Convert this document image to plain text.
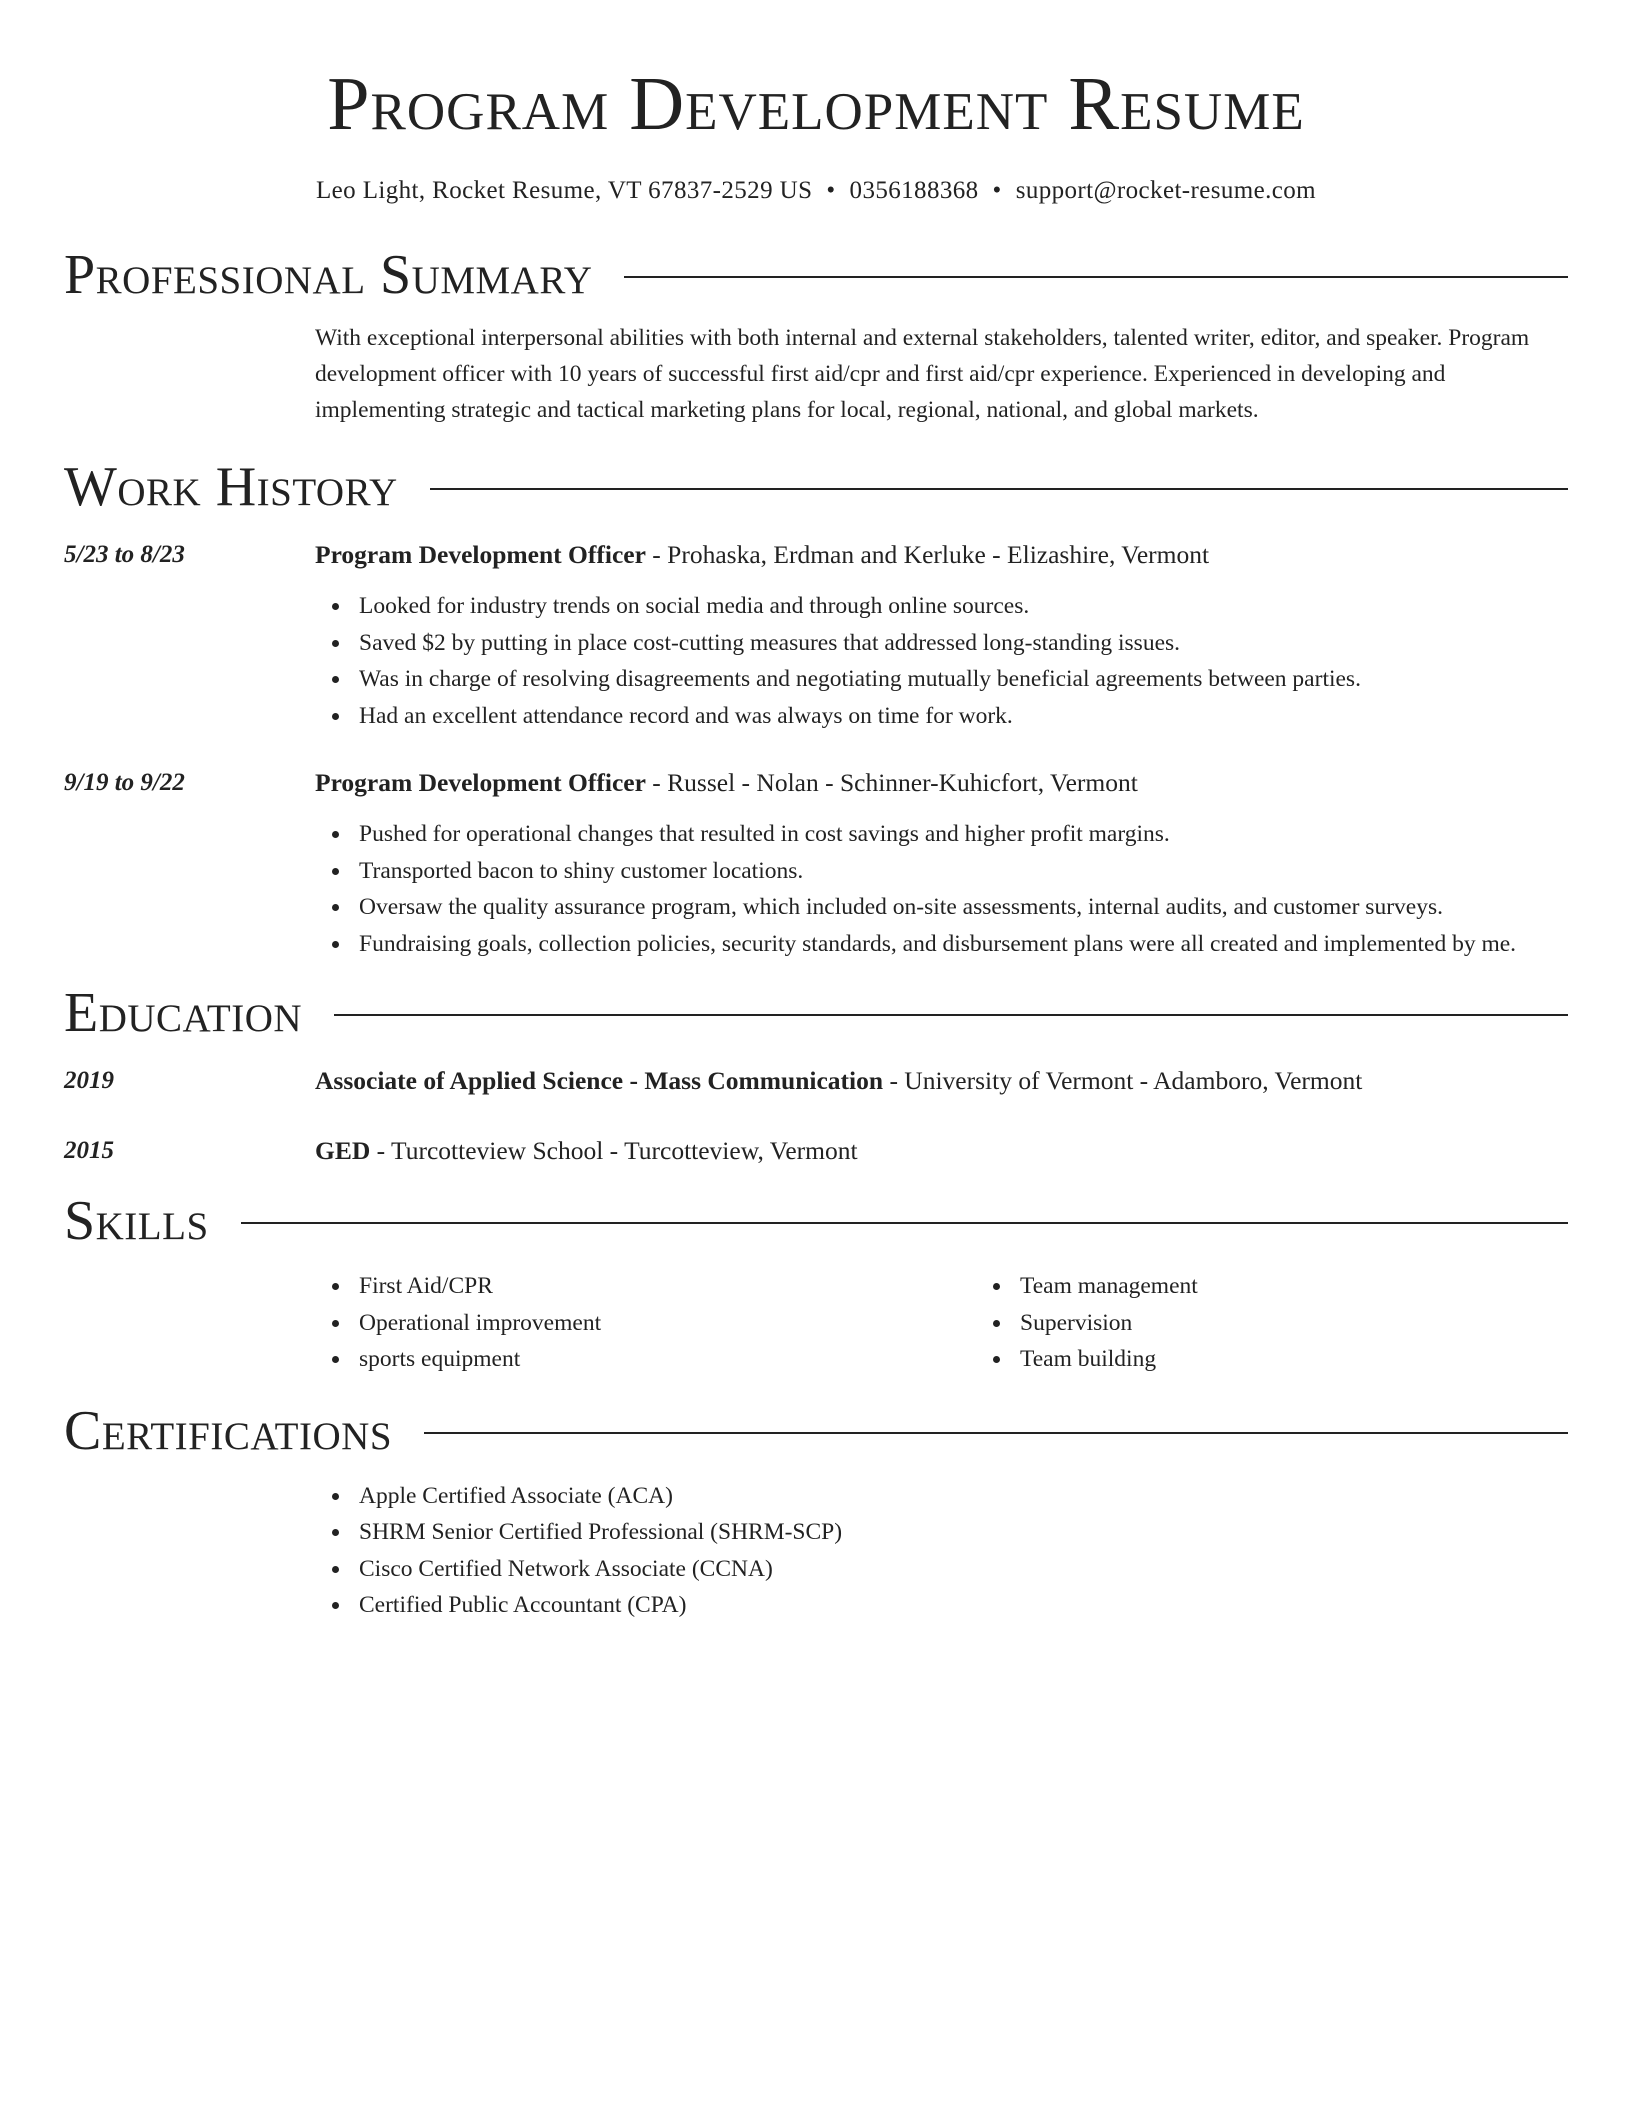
Program Development Resume
Leo Light, Rocket Resume, VT 67837-2529 US • 0356188368 • support@rocket-resume.com
Professional Summary

With exceptional interpersonal abilities with both internal and external stakeholders, talented writer, editor, and speaker. Program development officer with 10 years of successful first aid/cpr and first aid/cpr experience. Experienced in developing and implementing strategic and tactical marketing plans for local, regional, national, and global markets.

Work History
5/23 to 8/23	Program Development Officer - Prohaska, Erdman and Kerluke - Elizashire, Vermont
Looked for industry trends on social media and through online sources.
Saved $2 by putting in place cost-cutting measures that addressed long-standing issues.
Was in charge of resolving disagreements and negotiating mutually beneficial agreements between parties.
Had an excellent attendance record and was always on time for work.
9/19 to 9/22	Program Development Officer - Russel - Nolan - Schinner-Kuhicfort, Vermont
Pushed for operational changes that resulted in cost savings and higher profit margins.
Transported bacon to shiny customer locations.
Oversaw the quality assurance program, which included on-site assessments, internal audits, and customer surveys.
Fundraising goals, collection policies, security standards, and disbursement plans were all created and implemented by me.
Education
2019	Associate of Applied Science - Mass Communication - University of Vermont - Adamboro, Vermont
2015	GED - Turcotteview School - Turcotteview, Vermont
Skills
First Aid/CPR
Operational improvement
sports equipment
Team management
Supervision
Team building
Certifications
Apple Certified Associate (ACA)
SHRM Senior Certified Professional (SHRM-SCP)
Cisco Certified Network Associate (CCNA)
Certified Public Accountant (CPA)
